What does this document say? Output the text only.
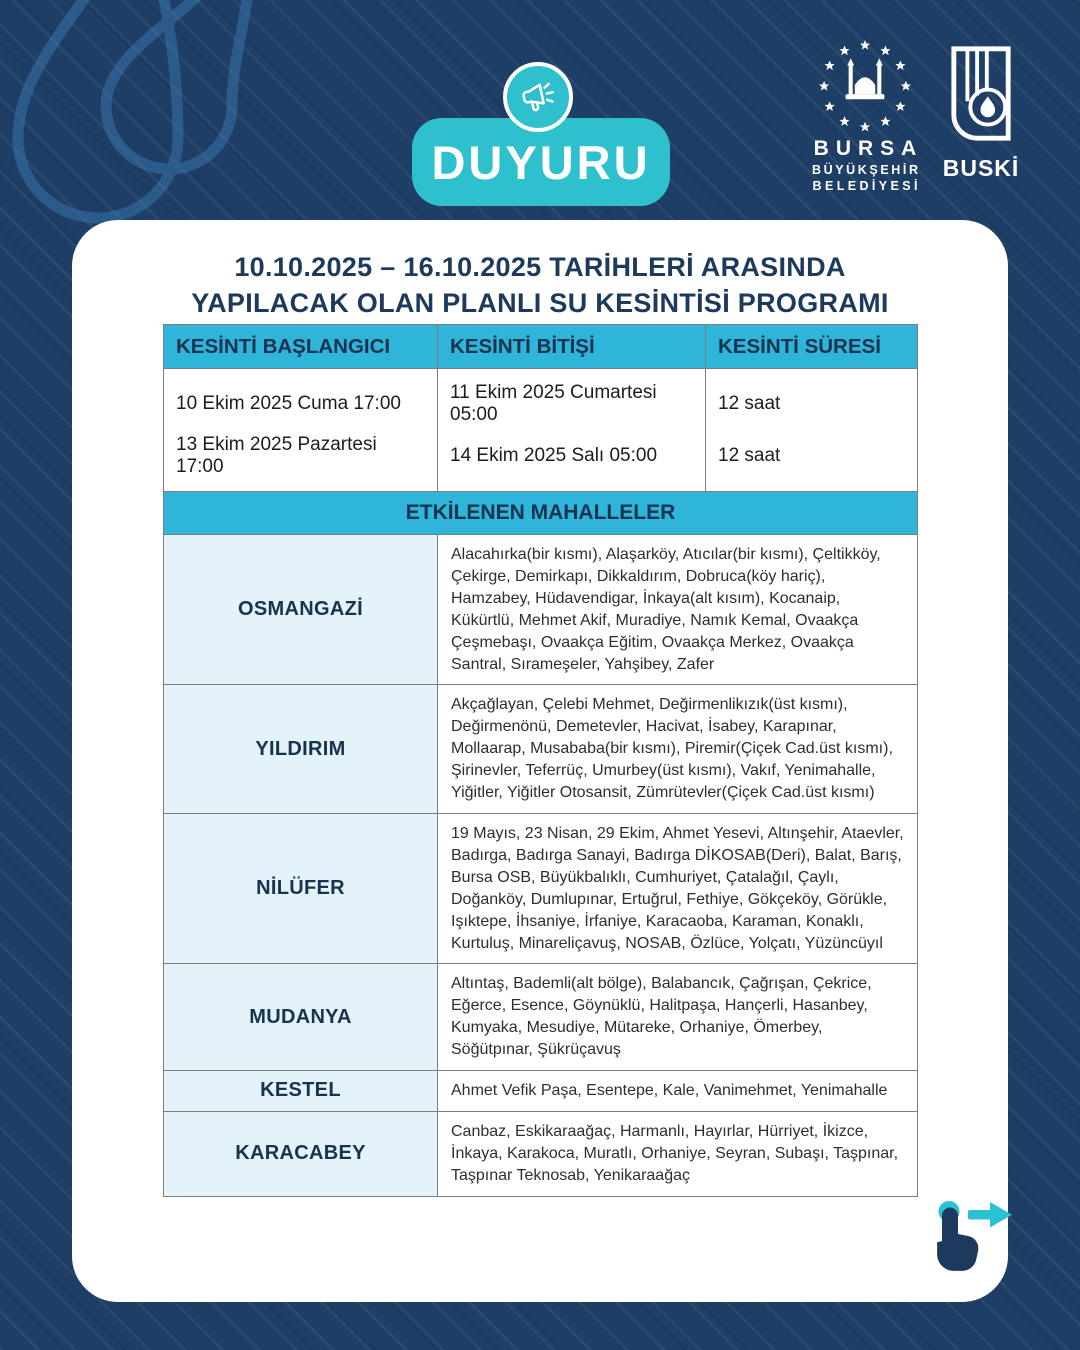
BURSA
BÜYÜKŞEHİR
BELEDİYESİ
BUSKİ
DUYURU
10.10.2025 – 16.10.2025 TARİHLERİ ARASINDA
YAPILACAK OLAN PLANLI SU KESİNTİSİ PROGRAMI
KESİNTİ BAŞLANGICI	KESİNTİ BİTİŞİ	KESİNTİ SÜRESİ
10 Ekim 2025 Cuma 17:00	11 Ekim 2025 Cumartesi 05:00	12 saat
13 Ekim 2025 Pazartesi 17:00	14 Ekim 2025 Salı 05:00	12 saat
ETKİLENEN MAHALLELER		
OSMANGAZİ	Alacahırka(bir kısmı), Alaşarköy, Atıcılar(bir kısmı), Çeltikköy, Çekirge, Demirkapı, Dikkaldırım, Dobruca(köy hariç), Hamzabey, Hüdavendigar, İnkaya(alt kısım), Kocanaip, Kükürtlü, Mehmet Akif, Muradiye, Namık Kemal, Ovaakça Çeşmebaşı, Ovaakça Eğitim, Ovaakça Merkez, Ovaakça Santral, Sırameşeler, Yahşibey, Zafer	
YILDIRIM	Akçağlayan, Çelebi Mehmet, Değirmenlikızık(üst kısmı), Değirmenönü, Demetevler, Hacivat, İsabey, Karapınar, Mollaarap, Musababa(bir kısmı), Piremir(Çiçek Cad.üst kısmı), Şirinevler, Teferrüç, Umurbey(üst kısmı), Vakıf, Yenimahalle, Yiğitler, Yiğitler Otosansit, Zümrütevler(Çiçek Cad.üst kısmı)	
NİLÜFER	19 Mayıs, 23 Nisan, 29 Ekim, Ahmet Yesevi, Altınşehir, Ataevler, Badırga, Badırga Sanayi, Badırga DİKOSAB(Deri), Balat, Barış, Bursa OSB, Büyükbalıklı, Cumhuriyet, Çatalağıl, Çaylı, Doğanköy, Dumlupınar, Ertuğrul, Fethiye, Gökçeköy, Görükle, Işıktepe, İhsaniye, İrfaniye, Karacaoba, Karaman, Konaklı, Kurtuluş, Minareliçavuş, NOSAB, Özlüce, Yolçatı, Yüzüncüyıl	
MUDANYA	Altıntaş, Bademli(alt bölge), Balabancık, Çağrışan, Çekrice, Eğerce, Esence, Göynüklü, Halitpaşa, Hançerli, Hasanbey, Kumyaka, Mesudiye, Mütareke, Orhaniye, Ömerbey, Söğütpınar, Şükrüçavuş	
KESTEL	Ahmet Vefik Paşa, Esentepe, Kale, Vanimehmet, Yenimahalle	
KARACABEY	Canbaz, Eskikaraağaç, Harmanlı, Hayırlar, Hürriyet, İkizce, İnkaya, Karakoca, Muratlı, Orhaniye, Seyran, Subaşı, Taşpınar, Taşpınar Teknosab, Yenikaraağaç	
